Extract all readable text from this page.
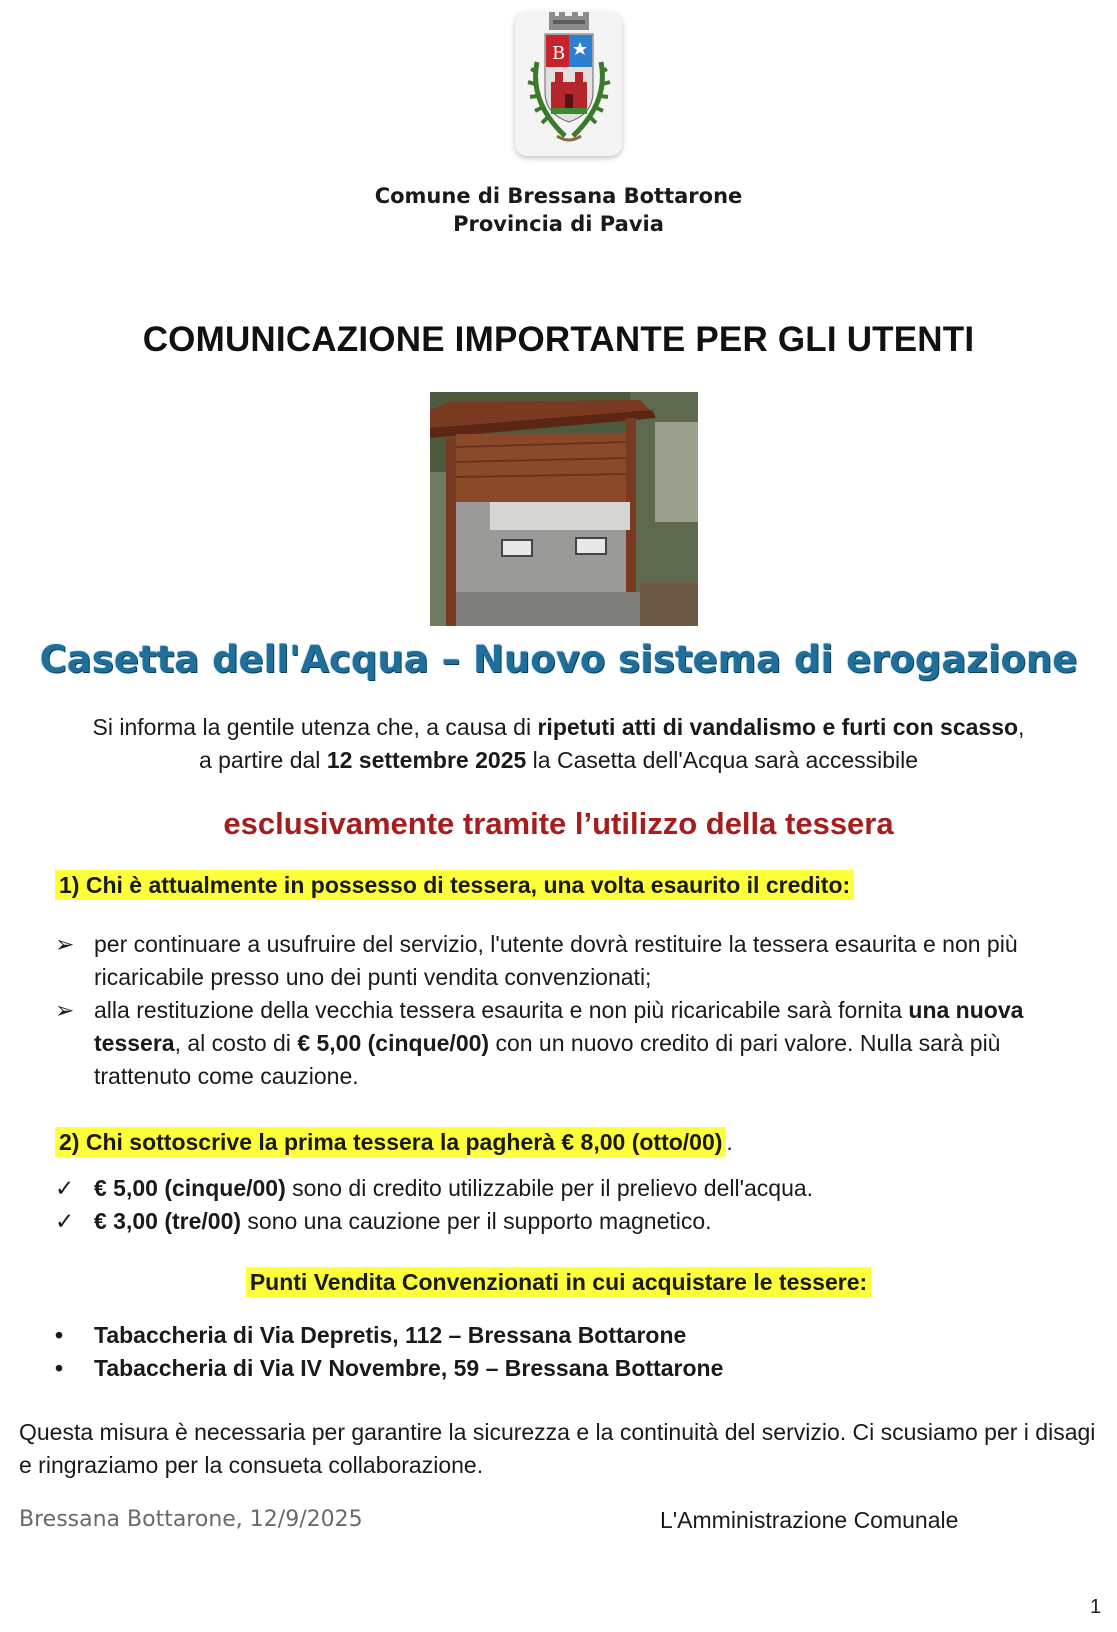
B
Comune di Bressana Bottarone
Provincia di Pavia
COMUNICAZIONE IMPORTANTE PER GLI UTENTI
Casetta dell'Acqua – Nuovo sistema di erogazione
Si informa la gentile utenza che, a causa di ripetuti atti di vandalismo e furti con scasso,
a partire dal 12 settembre 2025 la Casetta dell'Acqua sarà accessibile
esclusivamente tramite l’utilizzo della tessera
1) Chi è attualmente in possesso di tessera, una volta esaurito il credito:
➢ per continuare a usufruire del servizio, l'utente dovrà restituire la tessera esaurita e non più ricaricabile presso uno dei punti vendita convenzionati;
➢ alla restituzione della vecchia tessera esaurita e non più ricaricabile sarà fornita una nuova tessera, al costo di € 5,00 (cinque/00) con un nuovo credito di pari valore. Nulla sarà più trattenuto come cauzione.
2) Chi sottoscrive la prima tessera la pagherà € 8,00 (otto/00) .
✓ € 5,00 (cinque/00) sono di credito utilizzabile per il prelievo dell'acqua.
✓ € 3,00 (tre/00) sono una cauzione per il supporto magnetico.
Punti Vendita Convenzionati in cui acquistare le tessere:
•	Tabaccheria di Via Depretis, 112 – Bressana Bottarone
•	Tabaccheria di Via IV Novembre, 59 – Bressana Bottarone
Questa misura è necessaria per garantire la sicurezza e la continuità del servizio. Ci scusiamo per i disagi e ringraziamo per la consueta collaborazione.
Bressana Bottarone, 12/9/2025	L'Amministrazione Comunale
1
